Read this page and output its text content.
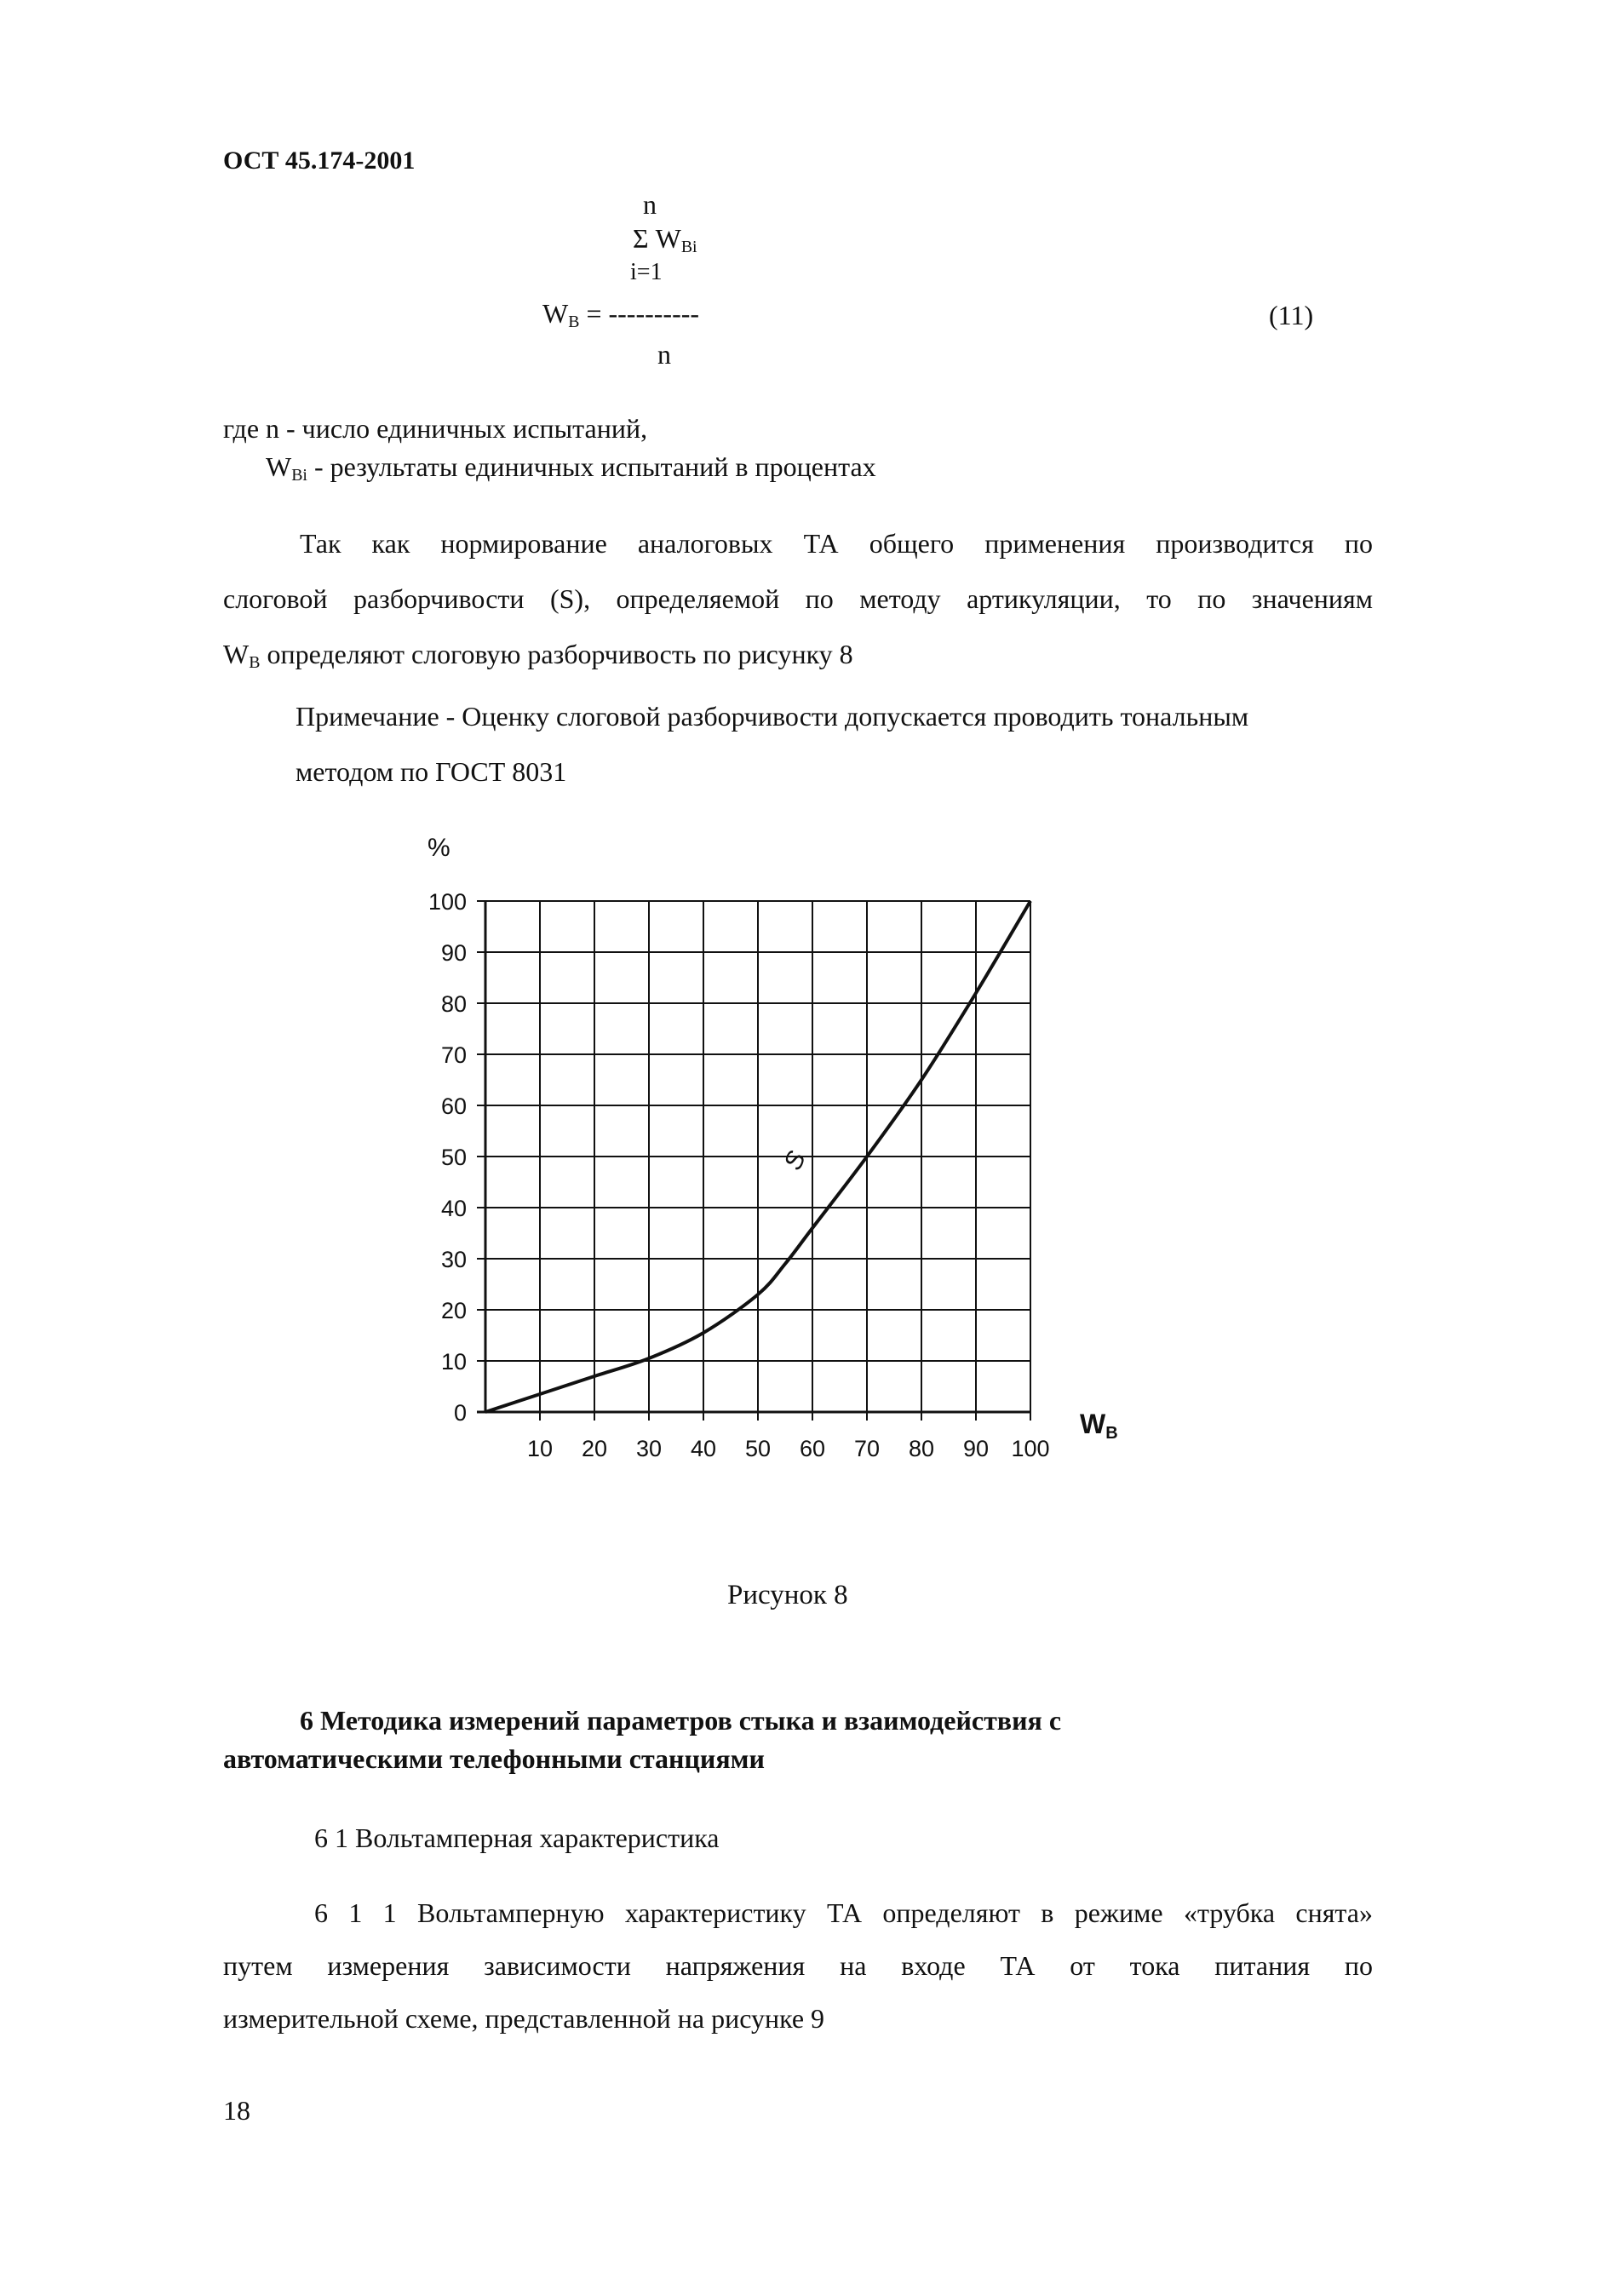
ОСТ 45.174-2001
n
Σ $W_{Bi}$
i=1
$W_B$ = ----------
n
(11)
где n - число единичных испытаний,
$W_{Bi}$ - результаты единичных испытаний в процентах
Так как нормирование аналоговых ТА общего применения производится по
слоговой разборчивости (S), определяемой по методу артикуляции, то по значениям
$W_B$ определяют слоговую разборчивость по рисунку 8
Примечание - Оценку слоговой разборчивости допускается проводить тональным
методом по ГОСТ 8031
%
WB
0
10
20
30
40
50
60
70
80
90
100
10 20 30 40 50 60 70 80 90 100
S
Рисунок 8
6 Методика измерений параметров стыка и взаимодействия с
автоматическими телефонными станциями
6 1 Вольтамперная характеристика
6 1 1 Вольтамперную характеристику ТА определяют в режиме «трубка снята»
путем измерения зависимости напряжения на входе ТА от тока питания по
измерительной схеме, представленной на рисунке 9
18
